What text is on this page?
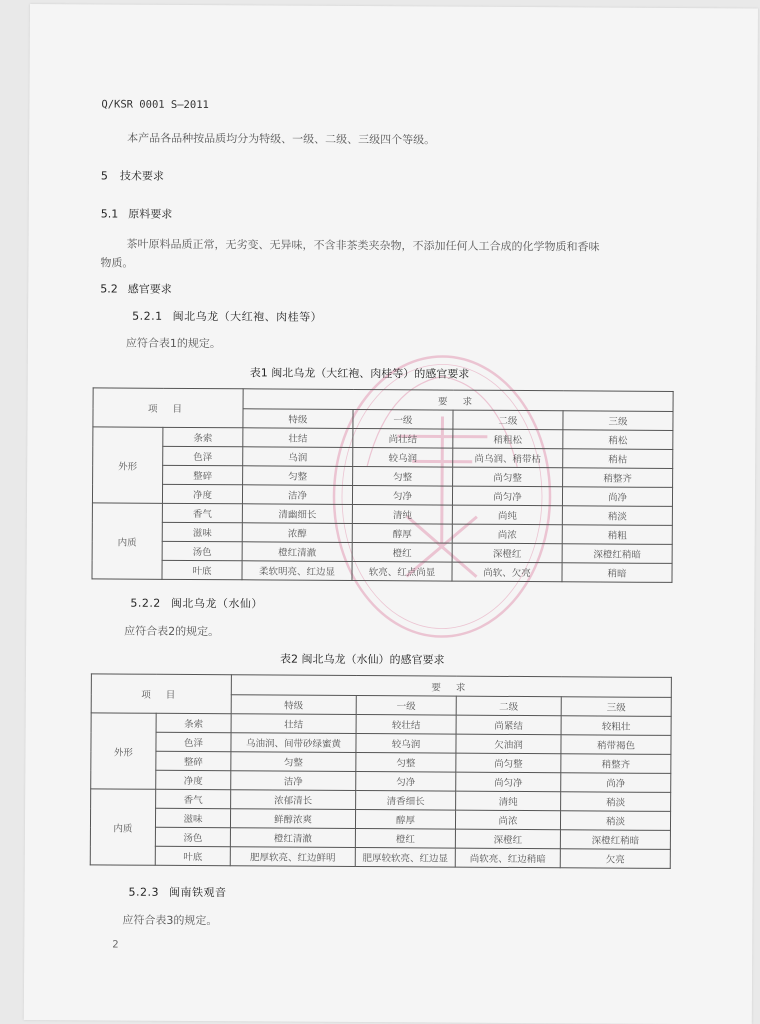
Q/KSR 0001 S—2011
本产品各品种按品质均分为特级、一级、二级、三级四个等级。
5 技术要求
5.1 原料要求
茶叶原料品质正常，无劣变、无异味，不含非茶类夹杂物，不添加任何人工合成的化学物质和香味
物质。
5.2 感官要求
5.2.1 闽北乌龙（大红袍、肉桂等）
应符合表1的规定。
表1 闽北乌龙（大红袍、肉桂等）的感官要求
项 目		要 求			
		特级	一级	二级	三级
外形	条索	壮结	尚壮结	稍粗松	稍松
	色泽	乌润	较乌润	尚乌润、稍带枯	稍枯
	整碎	匀整	匀整	尚匀整	稍整齐
	净度	洁净	匀净	尚匀净	尚净
内质	香气	清幽细长	清纯	尚纯	稍淡
	滋味	浓醇	醇厚	尚浓	稍粗
	汤色	橙红清澈	橙红	深橙红	深橙红稍暗
	叶底	柔软明亮、红边显	软亮、红点尚显	尚软、欠亮	稍暗
5.2.2 闽北乌龙（水仙）
应符合表2的规定。
表2 闽北乌龙（水仙）的感官要求
项 目		要 求			
		特级	一级	二级	三级
外形	条索	壮结	较壮结	尚紧结	较粗壮
	色泽	乌油润、间带砂绿蜜黄	较乌润	欠油润	稍带褐色
	整碎	匀整	匀整	尚匀整	稍整齐
	净度	洁净	匀净	尚匀净	尚净
内质	香气	浓郁清长	清香细长	清纯	稍淡
	滋味	鲜醇浓爽	醇厚	尚浓	稍淡
	汤色	橙红清澈	橙红	深橙红	深橙红稍暗
	叶底	肥厚软亮、红边鲜明	肥厚较软亮、红边显	尚软亮、红边稍暗	欠亮
5.2.3 闽南铁观音
应符合表3的规定。
2
